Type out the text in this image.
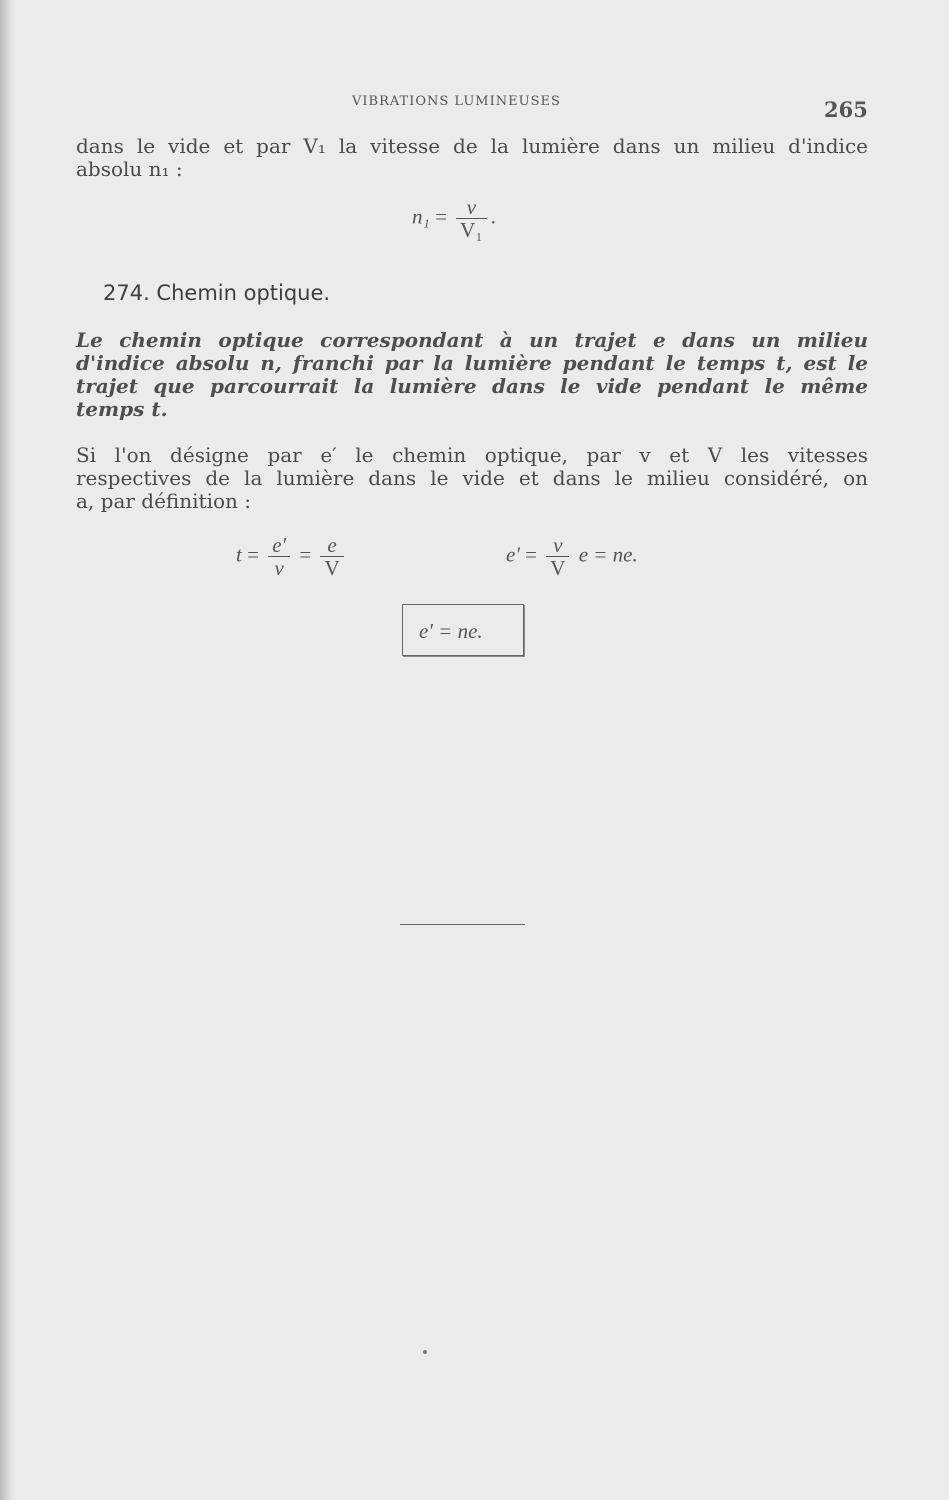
VIBRATIONS LUMINEUSES	265
dans le vide et par V₁ la vitesse de la lumière dans un milieu d'indice
absolu n₁ :
$n_1 = \frac{v}{\text{V₁}}$ .
274. Chemin optique.
Le chemin optique correspondant à un trajet e dans un milieu
d'indice absolu n, franchi par la lumière pendant le temps t, est le
trajet que parcourrait la lumière dans le vide pendant le même
temps t.
Si l'on désigne par e′ le chemin optique, par v et V les vitesses
respectives de la lumière dans le vide et dans le milieu considéré, on
a, par définition :
$t = \frac{e'}{v} = \frac{e}{V}$	$e' = \frac{v}{V}$ e = ne.
e′ = ne.
